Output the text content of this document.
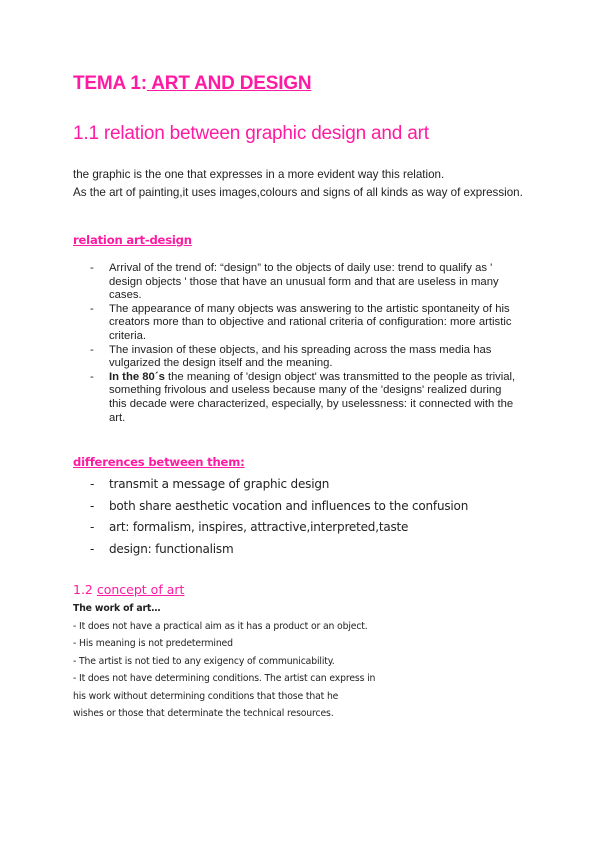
TEMA 1: ART AND DESIGN
1.1 relation between graphic design and art
the graphic is the one that expresses in a more evident way this relation.
As the art of painting,it uses images,colours and signs of all kinds as way of expression.
relation art-design
- Arrival of the trend of: “design” to the objects of daily use: trend to qualify as ' design objects ' those that have an unusual form and that are useless in many cases.
- The appearance of many objects was answering to the artistic spontaneity of his creators more than to objective and rational criteria of configuration: more artistic criteria.
- The invasion of these objects, and his spreading across the mass media has vulgarized the design itself and the meaning.
- In the 80´s the meaning of 'design object' was transmitted to the people as trivial, something frivolous and useless because many of the 'designs' realized during this decade were characterized, especially, by uselessness: it connected with the art.
differences between them:
- transmit a message of graphic design
- both share aesthetic vocation and influences to the confusion
- art: formalism, inspires, attractive,interpreted,taste
- design: functionalism
1.2 concept of art

The work of art…

- It does not have a practical aim as it has a product or an object.

- His meaning is not predetermined

- The artist is not tied to any exigency of communicability.

- It does not have determining conditions. The artist can express in

his work without determining conditions that those that he

wishes or those that determinate the technical resources.
